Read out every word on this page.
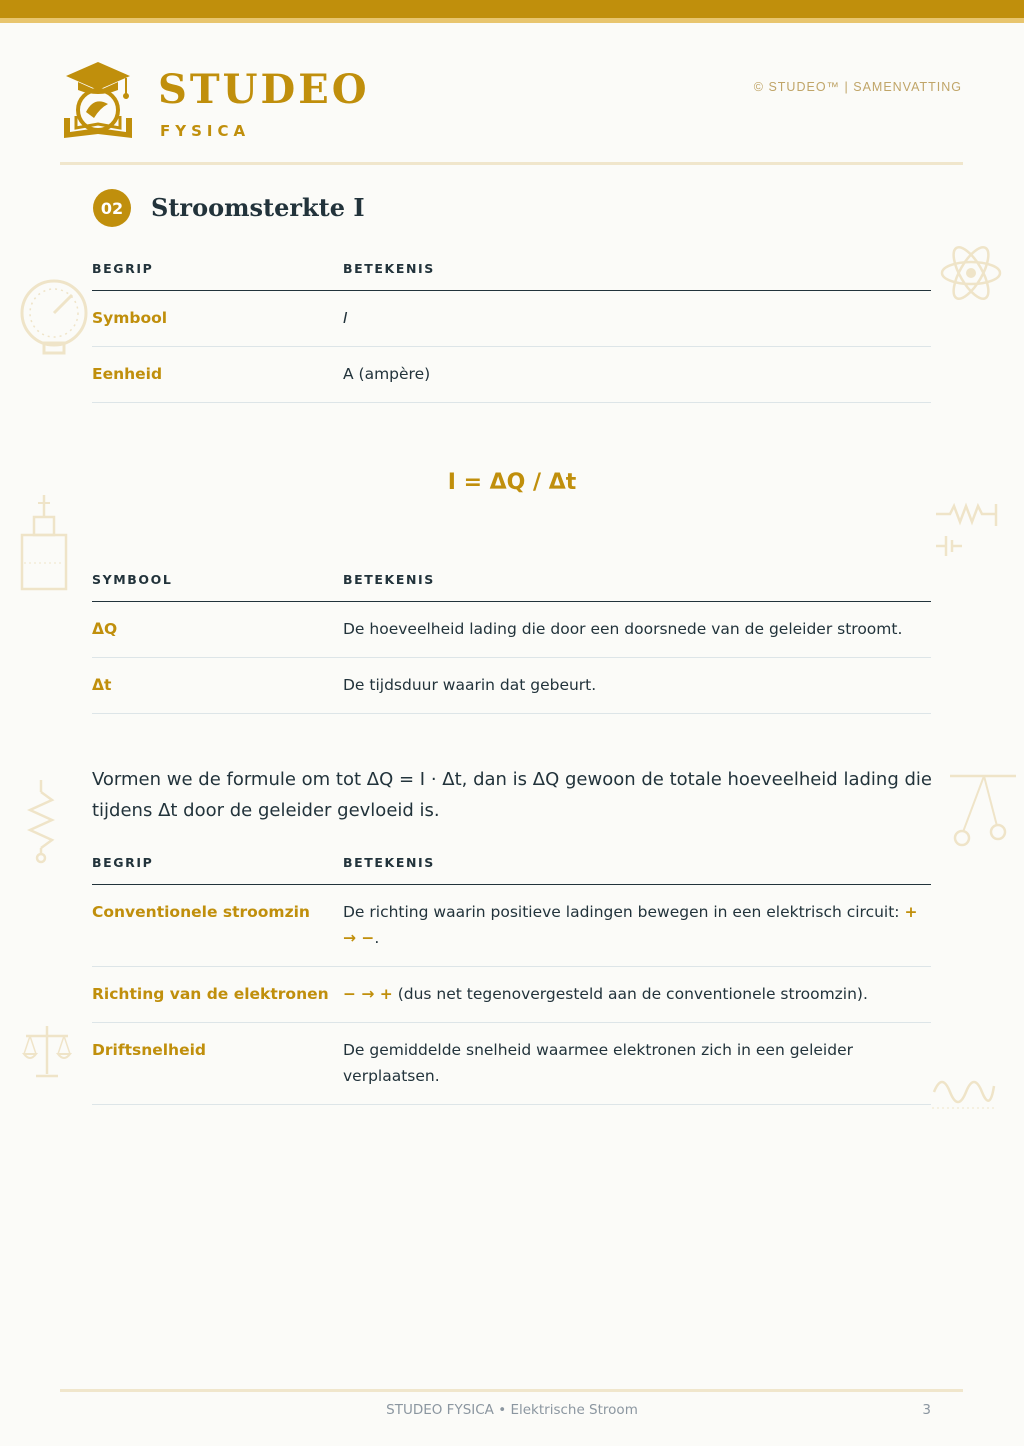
STUDEO
FYSICA
© STUDEO™ | SAMENVATTING
02	Stroomsterkte I
BEGRIP	BETEKENIS
Symbool	I
Eenheid	A (ampère)
I = ΔQ / Δt
SYMBOOL	BETEKENIS
ΔQ	De hoeveelheid lading die door een doorsnede van de geleider stroomt.
Δt	De tijdsduur waarin dat gebeurt.
Vormen we de formule om tot ΔQ = I · Δt, dan is ΔQ gewoon de totale hoeveelheid lading die tijdens Δt door de geleider gevloeid is.
BEGRIP	BETEKENIS
Conventionele stroomzin	De richting waarin positieve ladingen bewegen in een elektrisch circuit: + → −.
Richting van de elektronen	− → + (dus net tegenovergesteld aan de conventionele stroomzin).
Driftsnelheid	De gemiddelde snelheid waarmee elektronen zich in een geleider verplaatsen.
STUDEO FYSICA • Elektrische Stroom	3
